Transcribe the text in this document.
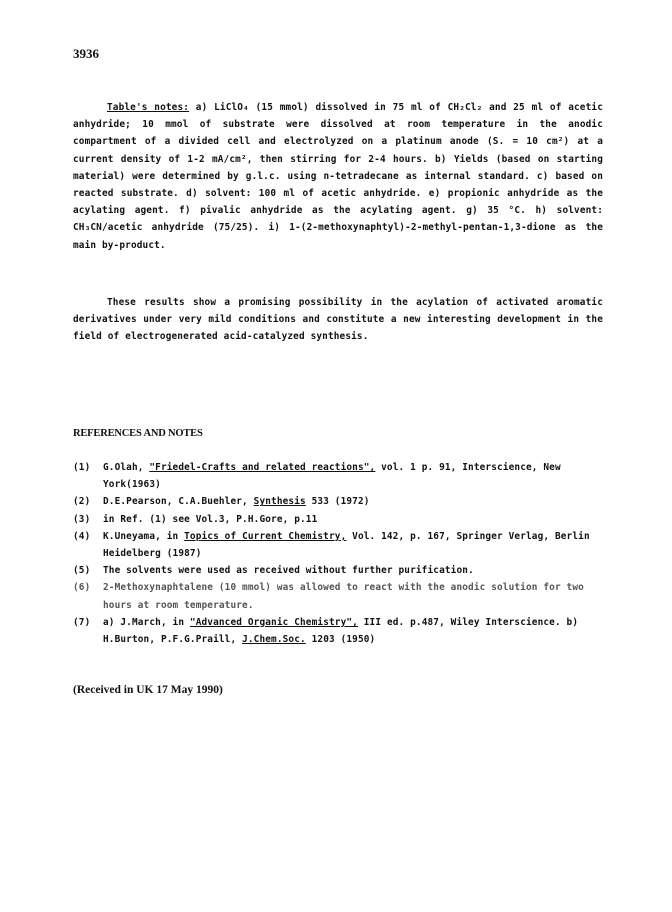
3936
Table's notes: a) LiClO₄ (15 mmol) dissolved in 75 ml of CH₂Cl₂ and 25 ml of acetic anhydride; 10 mmol of substrate were dissolved at room temperature in the anodic compartment of a divided cell and electrolyzed on a platinum anode (S. = 10 cm²) at a current density of 1-2 mA/cm², then stirring for 2-4 hours. b) Yields (based on starting material) were determined by g.l.c. using n-tetradecane as internal standard. c) based on reacted substrate. d) solvent: 100 ml of acetic anhydride. e) propionic anhydride as the acylating agent. f) pivalic anhydride as the acylating agent. g) 35 °C. h) solvent: CH₃CN/acetic anhydride (75/25). i) 1-(2-methoxynaphtyl)-2-methyl-pentan-1,3-dione as the main by-product.
These results show a promising possibility in the acylation of activated aromatic derivatives under very mild conditions and constitute a new interesting development in the field of electrogenerated acid-catalyzed synthesis.
REFERENCES AND NOTES
(1) G.Olah, "Friedel-Crafts and related reactions", vol. 1 p. 91, Interscience, New York(1963)
(2) D.E.Pearson, C.A.Buehler, Synthesis 533 (1972)
(3) in Ref. (1) see Vol.3, P.H.Gore, p.11
(4) K.Uneyama, in Topics of Current Chemistry, Vol. 142, p. 167, Springer Verlag, Berlin Heidelberg (1987)
(5) The solvents were used as received without further purification.
(6) 2-Methoxynaphtalene (10 mmol) was allowed to react with the anodic solution for two hours at room temperature.
(7) a) J.March, in "Advanced Organic Chemistry", III ed. p.487, Wiley Interscience. b) H.Burton, P.F.G.Praill, J.Chem.Soc. 1203 (1950)
(Received in UK 17 May 1990)
